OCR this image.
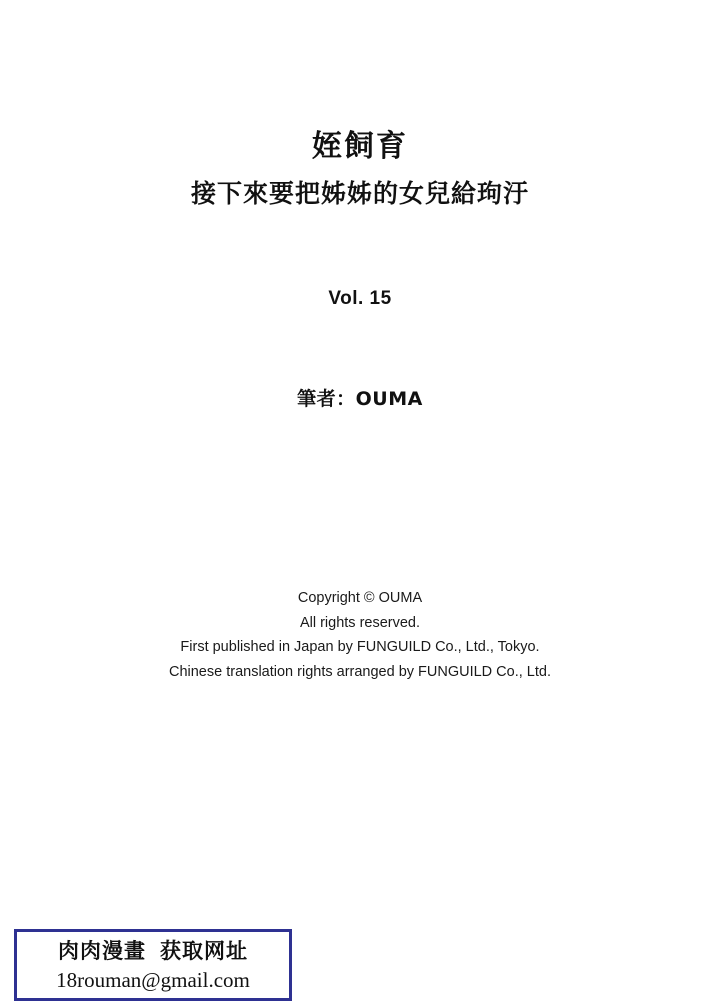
姪飼育
接下來要把姊姊的女兒給玽汙
Vol. 15
筆者：OUMA
Copyright © OUMA
All rights reserved.
First published in Japan by FUNGUILD Co., Ltd., Tokyo.
Chinese translation rights arranged by FUNGUILD Co., Ltd.
肉肉漫畫 获取网址
18rouman@gmail.com
